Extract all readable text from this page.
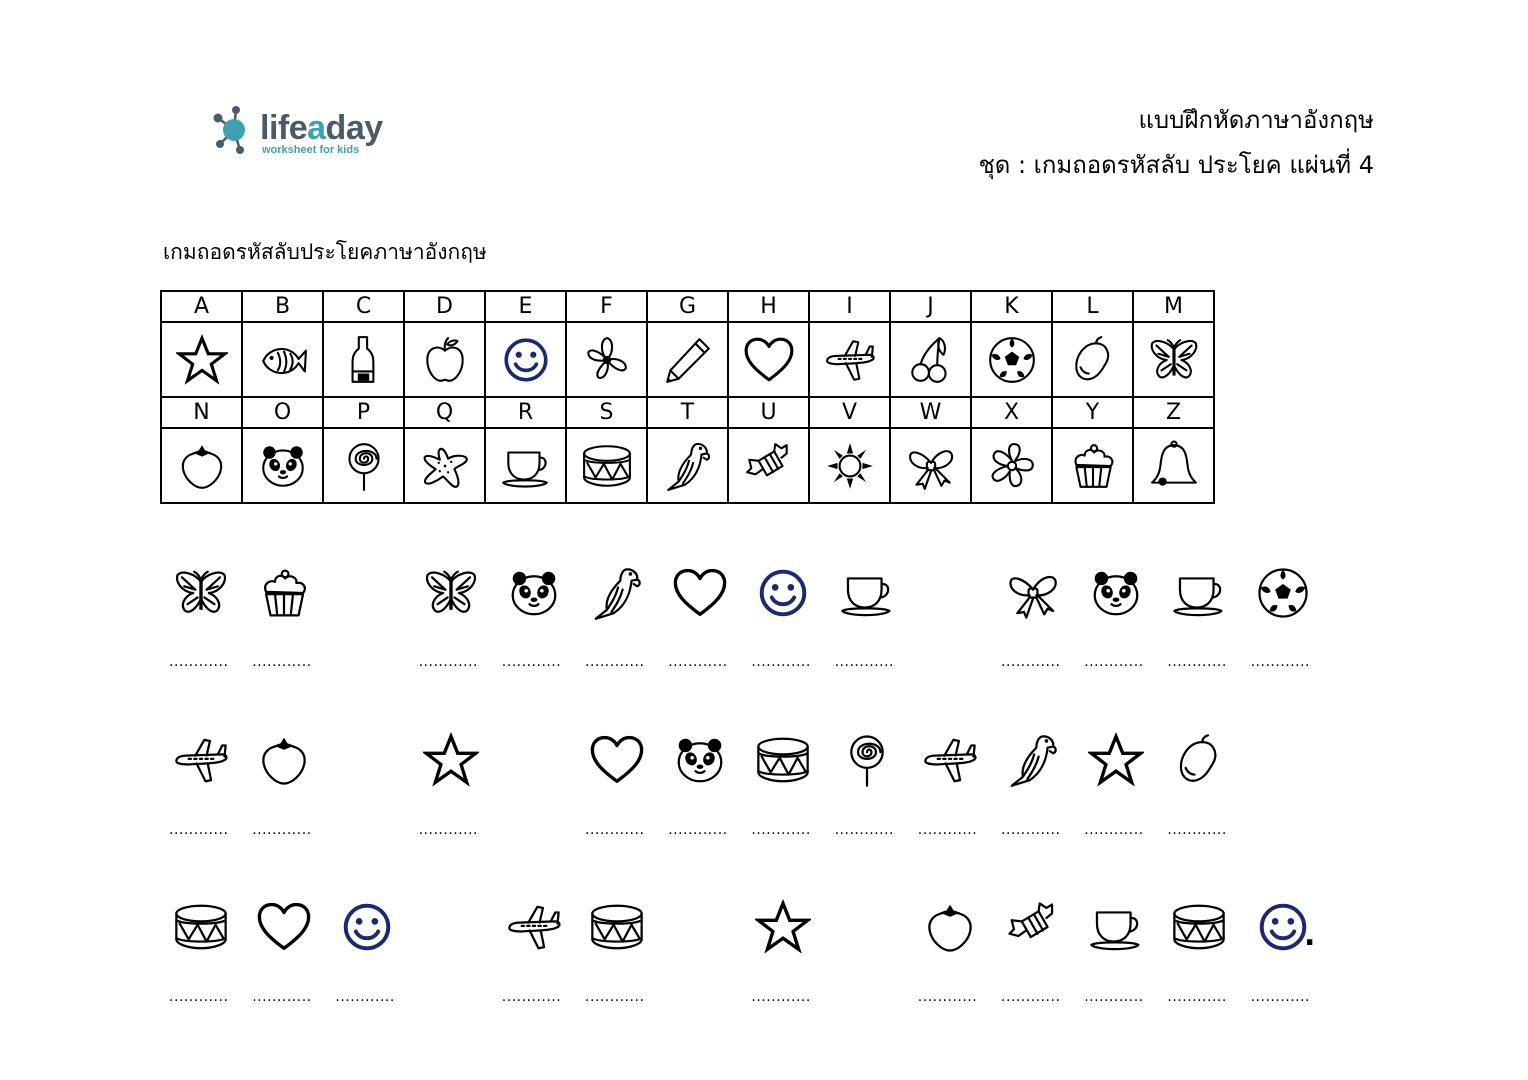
lifeaday
worksheet for kids
แบบฝึกหัดภาษาอังกฤษ
ชุด : เกมถอดรหัสลับ ประโยค แผ่นที่ 4
เกมถอดรหัสลับประโยคภาษาอังกฤษ
A	B	C	D	E	F	G	H	I	J	K	L	M

N	O	P	Q	R	S	T	U	V	W	X	Y	Z

............	............	............	............	............	............	............	............	............	............	............	............
............	............	............	............	............	............	............	............	............	............	............
............	............	............	............	............	............	............	............	............	............	............
.
